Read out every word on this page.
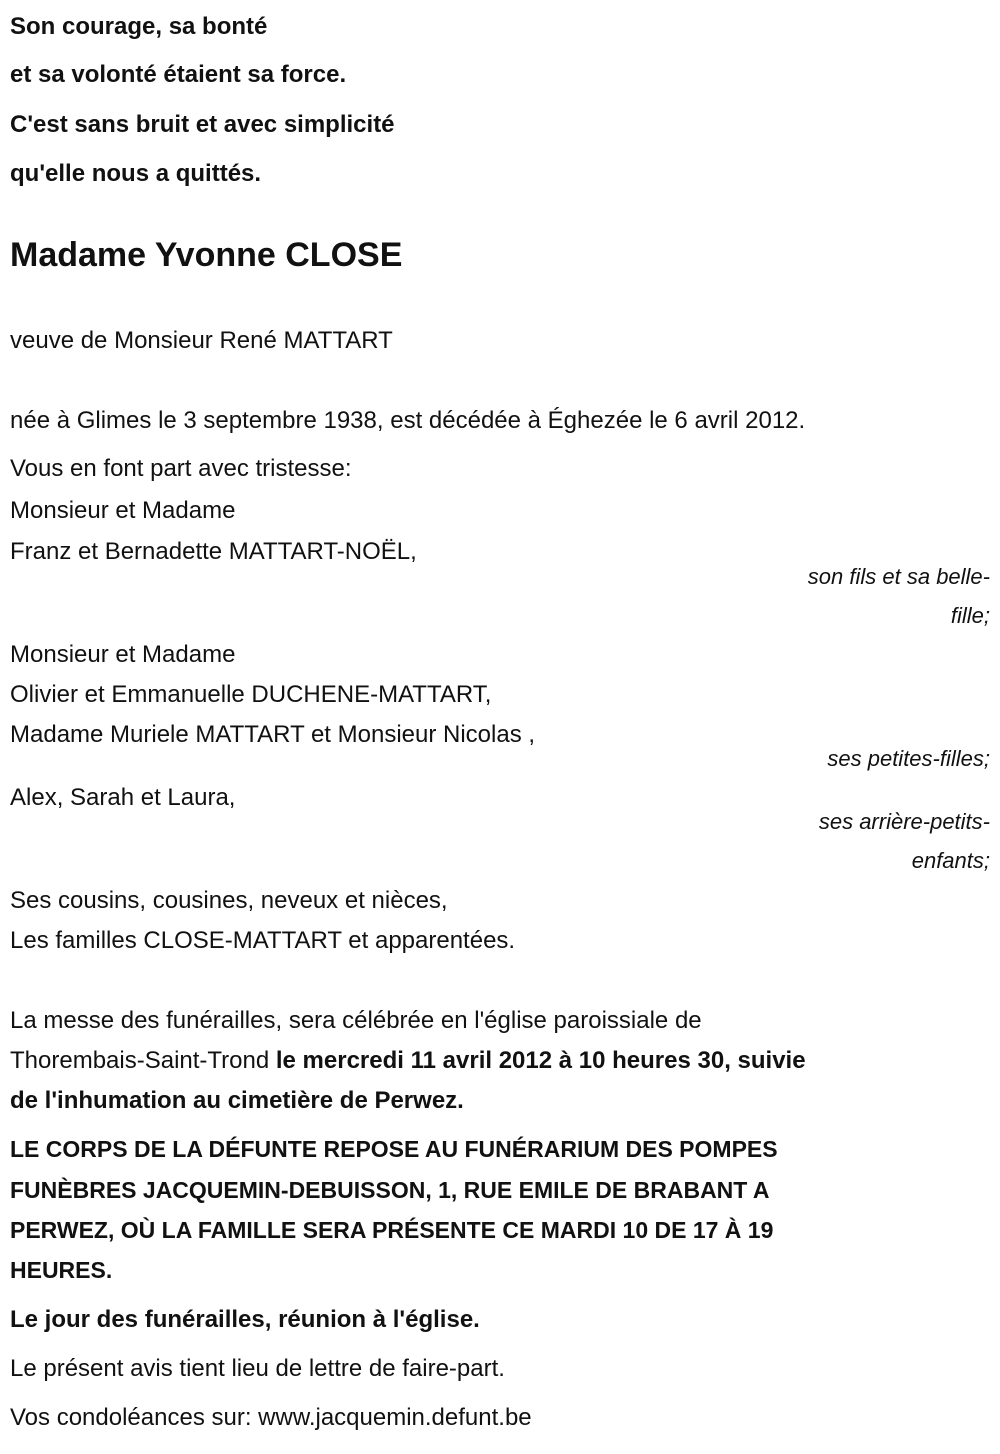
Son courage, sa bonté
et sa volonté étaient sa force.
C'est sans bruit et avec simplicité
qu'elle nous a quittés.
Madame Yvonne CLOSE
veuve de Monsieur René MATTART
née à Glimes le 3 septembre 1938, est décédée à Éghezée le 6 avril 2012.
Vous en font part avec tristesse:
Monsieur et Madame
Franz et Bernadette MATTART-NOËL,
son fils et sa belle-
fille;
Monsieur et Madame
Olivier et Emmanuelle DUCHENE-MATTART,
Madame Muriele MATTART et Monsieur Nicolas ,
ses petites-filles;
Alex, Sarah et Laura,
ses arrière-petits-
enfants;
Ses cousins, cousines, neveux et nièces,
Les familles CLOSE-MATTART et apparentées.
La messe des funérailles, sera célébrée en l'église paroissiale de
Thorembais-Saint-Trond le mercredi 11 avril 2012 à 10 heures 30, suivie
de l'inhumation au cimetière de Perwez.
LE CORPS DE LA DÉFUNTE REPOSE AU FUNÉRARIUM DES POMPES
FUNÈBRES JACQUEMIN-DEBUISSON, 1, RUE EMILE DE BRABANT A
PERWEZ, OÙ LA FAMILLE SERA PRÉSENTE CE MARDI 10 DE 17 À 19
HEURES.
Le jour des funérailles, réunion à l'église.
Le présent avis tient lieu de lettre de faire-part.
Vos condoléances sur: www.jacquemin.defunt.be
